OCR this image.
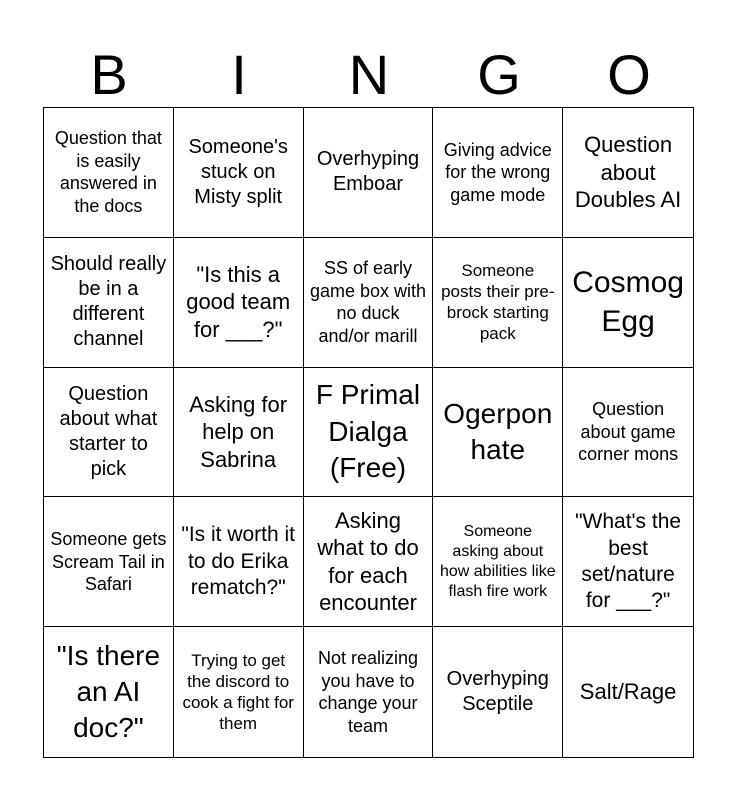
B	I	N	G	O
Question that is easily answered in the docs
Someone's stuck on Misty split
Overhyping Emboar
Giving advice for the wrong game mode
Question about Doubles AI
Should really be in a different channel
"Is this a good team for ___?"
SS of early game box with no duck and/or marill
Someone posts their pre-brock starting pack
Cosmog Egg
Question about what starter to pick
Asking for help on Sabrina
F Primal Dialga (Free)
Ogerpon hate
Question about game corner mons
Someone gets Scream Tail in Safari
"Is it worth it to do Erika rematch?"
Asking what to do for each encounter
Someone asking about how abilities like flash fire work
"What's the best set/nature for ___?"
"Is there an AI doc?"
Trying to get the discord to cook a fight for them
Not realizing you have to change your team
Overhyping Sceptile	Salt/Rage
